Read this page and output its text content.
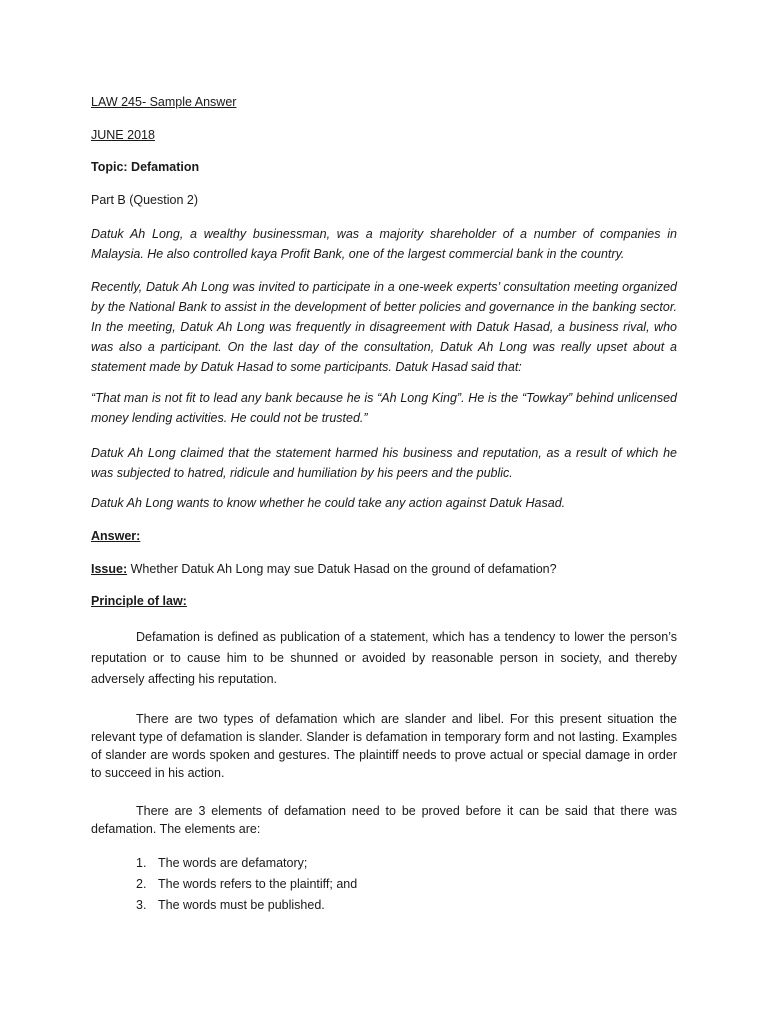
LAW 245- Sample Answer

JUNE 2018

Topic: Defamation

Part B (Question 2)

Datuk Ah Long, a wealthy businessman, was a majority shareholder of a number of companies in Malaysia. He also controlled kaya Profit Bank, one of the largest commercial bank in the country.

Recently, Datuk Ah Long was invited to participate in a one-week experts’ consultation meeting organized by the National Bank to assist in the development of better policies and governance in the banking sector. In the meeting, Datuk Ah Long was frequently in disagreement with Datuk Hasad, a business rival, who was also a participant. On the last day of the consultation, Datuk Ah Long was really upset about a statement made by Datuk Hasad to some participants. Datuk Hasad said that:

“That man is not fit to lead any bank because he is “Ah Long King”. He is the “Towkay” behind unlicensed money lending activities. He could not be trusted.”

Datuk Ah Long claimed that the statement harmed his business and reputation, as a result of which he was subjected to hatred, ridicule and humiliation by his peers and the public.

Datuk Ah Long wants to know whether he could take any action against Datuk Hasad.

Answer:

Issue: Whether Datuk Ah Long may sue Datuk Hasad on the ground of defamation?

Principle of law:

Defamation is defined as publication of a statement, which has a tendency to lower the person’s reputation or to cause him to be shunned or avoided by reasonable person in society, and thereby adversely affecting his reputation.

There are two types of defamation which are slander and libel. For this present situation the relevant type of defamation is slander. Slander is defamation in temporary form and not lasting. Examples of slander are words spoken and gestures. The plaintiff needs to prove actual or special damage in order to succeed in his action.

There are 3 elements of defamation need to be proved before it can be said that there was defamation. The elements are:

1. The words are defamatory;
2. The words refers to the plaintiff; and
3. The words must be published.
